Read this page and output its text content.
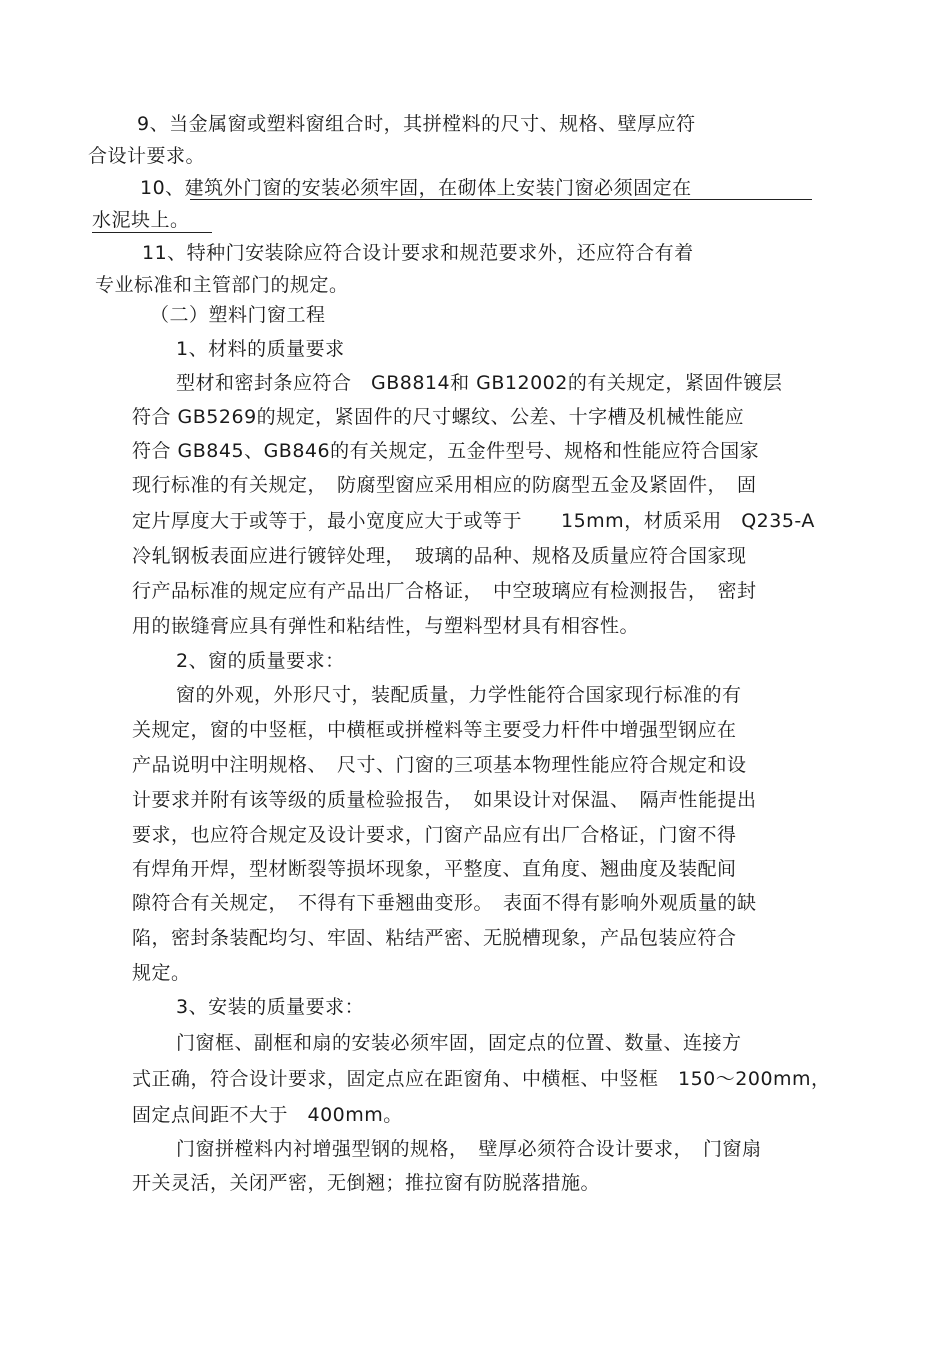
9、当金属窗或塑料窗组合时，其拼樘料的尺寸、规格、壁厚应符
合设计要求。
10、建筑外门窗的安装必须牢固，在砌体上安装门窗必须固定在
水泥块上。
11、特种门安装除应符合设计要求和规范要求外，还应符合有着
专业标准和主管部门的规定。
（二）塑料门窗工程
1、材料的质量要求
型材和密封条应符合　GB8814和 GB12002的有关规定，紧固件镀层
符合 GB5269的规定，紧固件的尺寸螺纹、公差、十字槽及机械性能应
符合 GB845、GB846的有关规定，五金件型号、规格和性能应符合国家
现行标准的有关规定，　防腐型窗应采用相应的防腐型五金及紧固件，　固
定片厚度大于或等于，最小宽度应大于或等于　　15mm，材质采用　Q235-A
冷轧钢板表面应进行镀锌处理，　玻璃的品种、规格及质量应符合国家现
行产品标准的规定应有产品出厂合格证，　中空玻璃应有检测报告，　密封
用的嵌缝膏应具有弹性和粘结性，与塑料型材具有相容性。
2、窗的质量要求：
窗的外观，外形尺寸，装配质量，力学性能符合国家现行标准的有
关规定，窗的中竖框，中横框或拼樘料等主要受力杆件中增强型钢应在
产品说明中注明规格、　尺寸、门窗的三项基本物理性能应符合规定和设
计要求并附有该等级的质量检验报告，　如果设计对保温、　隔声性能提出
要求，也应符合规定及设计要求，门窗产品应有出厂合格证，门窗不得
有焊角开焊，型材断裂等损坏现象，平整度、直角度、翘曲度及装配间
隙符合有关规定，　不得有下垂翘曲变形。　表面不得有影响外观质量的缺
陷，密封条装配均匀、牢固、粘结严密、无脱槽现象，产品包装应符合
规定。
3、安装的质量要求：
门窗框、副框和扇的安装必须牢固，固定点的位置、数量、连接方
式正确，符合设计要求，固定点应在距窗角、中横框、中竖框　150～200mm，
固定点间距不大于　400mm。
门窗拼樘料内衬增强型钢的规格，　壁厚必须符合设计要求，　门窗扇
开关灵活，关闭严密，无倒翘；推拉窗有防脱落措施。
